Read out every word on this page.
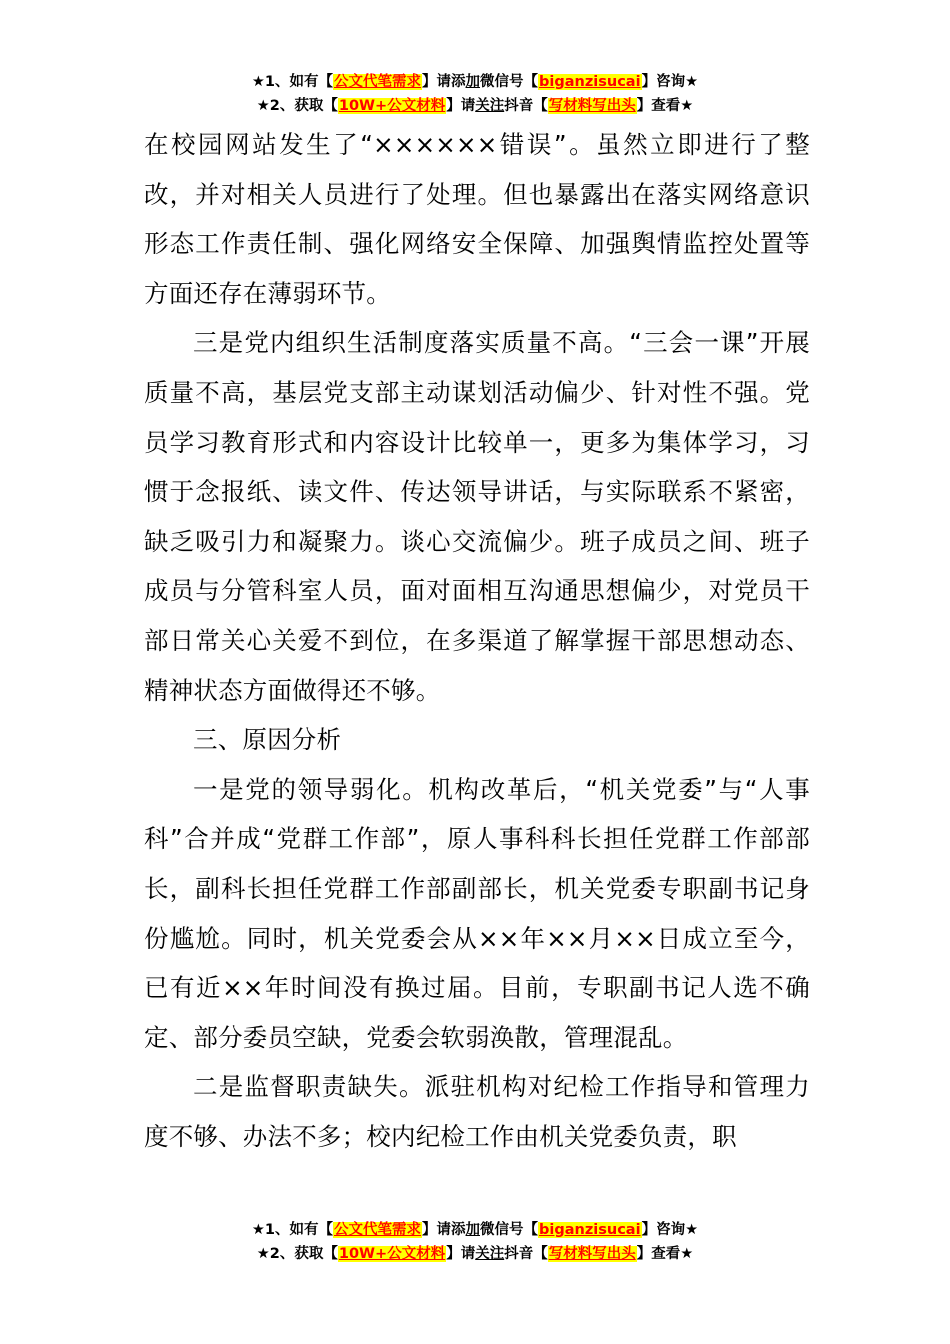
★1、如有【公文代笔需求】请添加微信号【biganzisucai】咨询★
★2、获取【10W+公文材料】请关注抖音【写材料写出头】查看★

在校园网站发生了“××××××错误”。虽然立即进行了整改，并对相关人员进行了处理。但也暴露出在落实网络意识形态工作责任制、强化网络安全保障、加强舆情监控处置等方面还存在薄弱环节。

三是党内组织生活制度落实质量不高。“三会一课”开展质量不高，基层党支部主动谋划活动偏少、针对性不强。党员学习教育形式和内容设计比较单一，更多为集体学习，习惯于念报纸、读文件、传达领导讲话，与实际联系不紧密，缺乏吸引力和凝聚力。谈心交流偏少。班子成员之间、班子成员与分管科室人员，面对面相互沟通思想偏少，对党员干部日常关心关爱不到位，在多渠道了解掌握干部思想动态、精神状态方面做得还不够。

三、原因分析

一是党的领导弱化。机构改革后，“机关党委”与“人事科”合并成“党群工作部”，原人事科科长担任党群工作部部长，副科长担任党群工作部副部长，机关党委专职副书记身份尴尬。同时，机关党委会从××年××月××日成立至今，已有近××年时间没有换过届。目前，专职副书记人选不确定、部分委员空缺，党委会软弱涣散，管理混乱。

二是监督职责缺失。派驻机构对纪检工作指导和管理力度不够、办法不多；校内纪检工作由机关党委负责，职

★1、如有【公文代笔需求】请添加微信号【biganzisucai】咨询★
★2、获取【10W+公文材料】请关注抖音【写材料写出头】查看★
